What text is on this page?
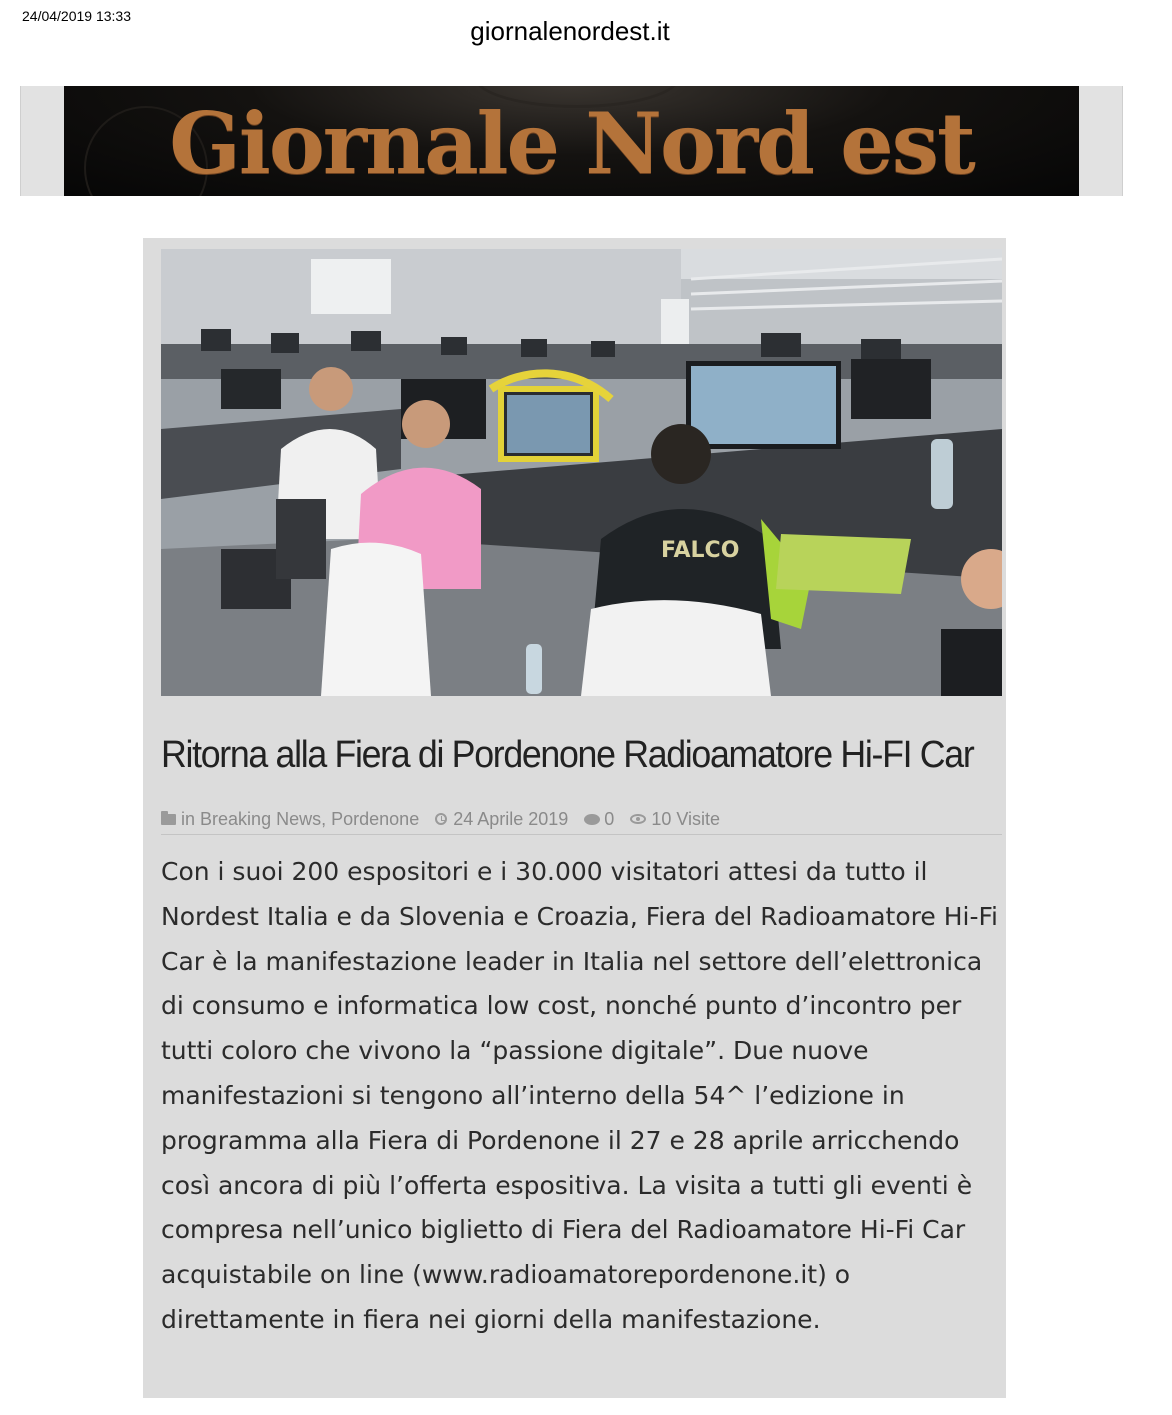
24/04/2019 13:33	giornalenordest.it
Giornale Nord est
FALCO
Ritorna alla Fiera di Pordenone Radioamatore Hi-FI Car
in
Breaking News ,
Pordenone 24 Aprile 2019 0 10 Visite

Con i suoi 200 espositori e i 30.000 visitatori attesi da tutto il Nordest Italia e da Slovenia e Croazia, Fiera del Radioamatore Hi-Fi Car è la manifestazione leader in Italia nel settore dell’elettronica di consumo e informatica low cost, nonché punto d’incontro per tutti coloro che vivono la “passione digitale”. Due nuove manifestazioni si tengono all’interno della 54^ l’edizione in programma alla Fiera di Pordenone il 27 e 28 aprile arricchendo così ancora di più l’offerta espositiva. La visita a tutti gli eventi è compresa nell’unico biglietto di Fiera del Radioamatore Hi-Fi Car acquistabile on line (www.radioamatorepordenone.it) o direttamente in fiera nei giorni della manifestazione.
